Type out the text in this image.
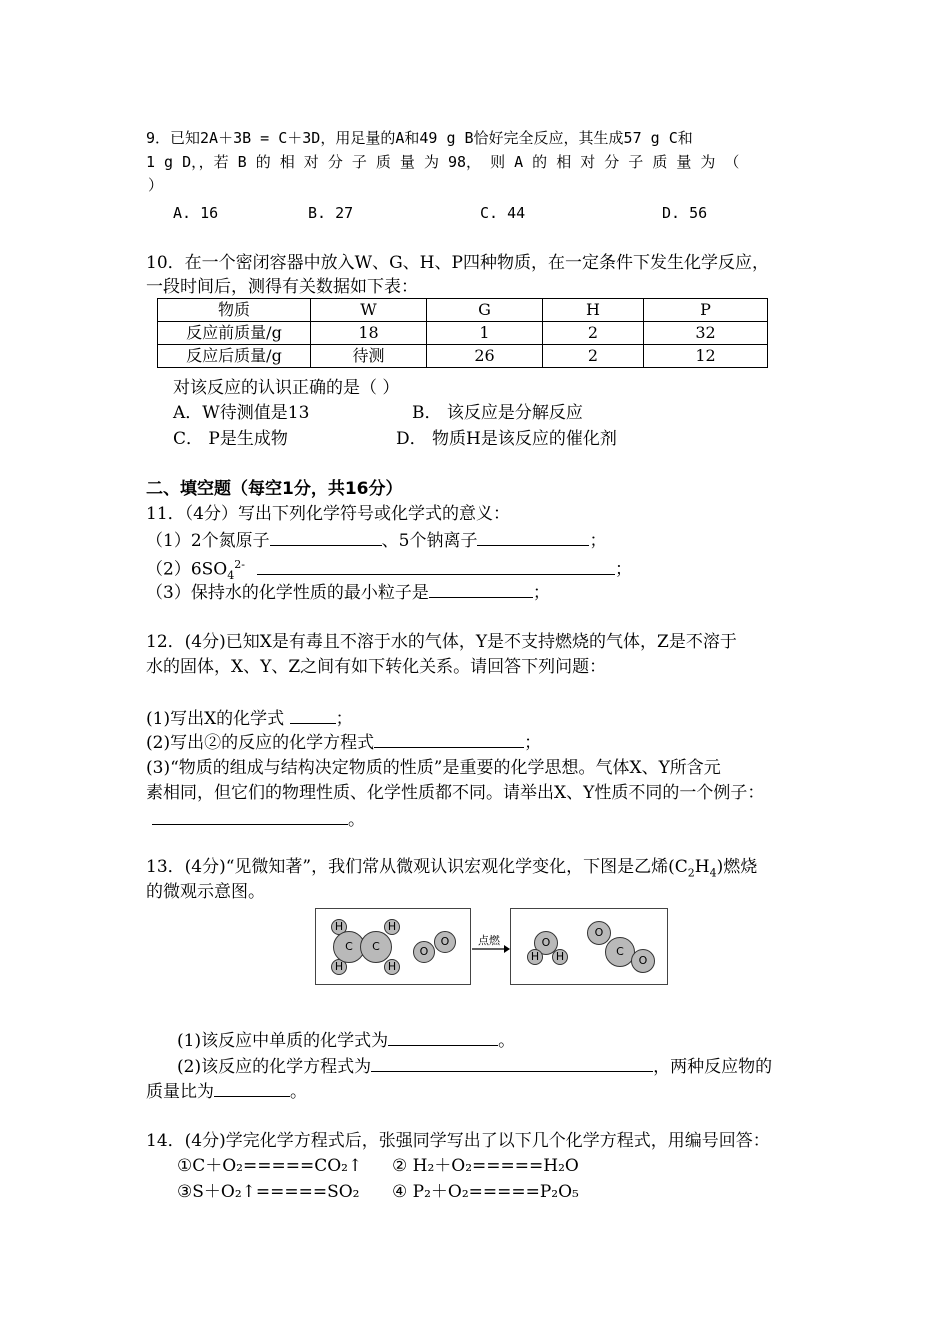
9．已知2A＋3B = C＋3D，用足量的A和49 g B恰好完全反应，其生成57 g C和
1 g D，，若 B 的 相 对 分 子 质 量 为 98， 则 A 的 相 对 分 子 质 量 为 （
）
A. 16	B. 27	C. 44	D. 56
10．在一个密闭容器中放入W、G、H、P四种物质，在一定条件下发生化学反应，
一段时间后，测得有关数据如下表：
物质	W	G	H	P
反应前质量/g	18	1	2	32
反应后质量/g	待测	26	2	12
对该反应的认识正确的是（ ）
A．W待测值是13	B． 该反应是分解反应
C． P是生成物	D． 物质H是该反应的催化剂
二、填空题（每空1分，共16分）
11．（4分）写出下列化学符号或化学式的意义：
（1）2个氮原子	、5个钠离子	；
$(2)6SO_4^{2-}$	；
（3）保持水的化学性质的最小粒子是	；
12．(4分)已知X是有毒且不溶于水的气体，Y是不支持燃烧的气体，Z是不溶于
水的固体，X、Y、Z之间有如下转化关系。请回答下列问题：
(1)写出X的化学式	；
(2)写出②的反应的化学方程式	；
(3)“物质的组成与结构决定物质的性质”是重要的化学思想。气体X、Y所含元
素相同，但它们的物理性质、化学性质都不同。请举出X、Y性质不同的一个例子：
。
13．(4分)“见微知著”，我们常从微观认识宏观化学变化，下图是乙烯$(C_2H_4)$燃烧
的微观示意图。
H
H
H
H
C	C	O
O	点燃	O
H	H
O
C
O
(1)该反应中单质的化学式为	。
(2)该反应的化学方程式为	，两种反应物的
质量比为	。
14．(4分)学完化学方程式后，张强同学写出了以下几个化学方程式，用编号回答：
①C＋O₂=====CO₂↑ ② H₂＋O₂=====H₂O
③S＋O₂↑=====SO₂ ④ P₂＋O₂=====P₂O₅
